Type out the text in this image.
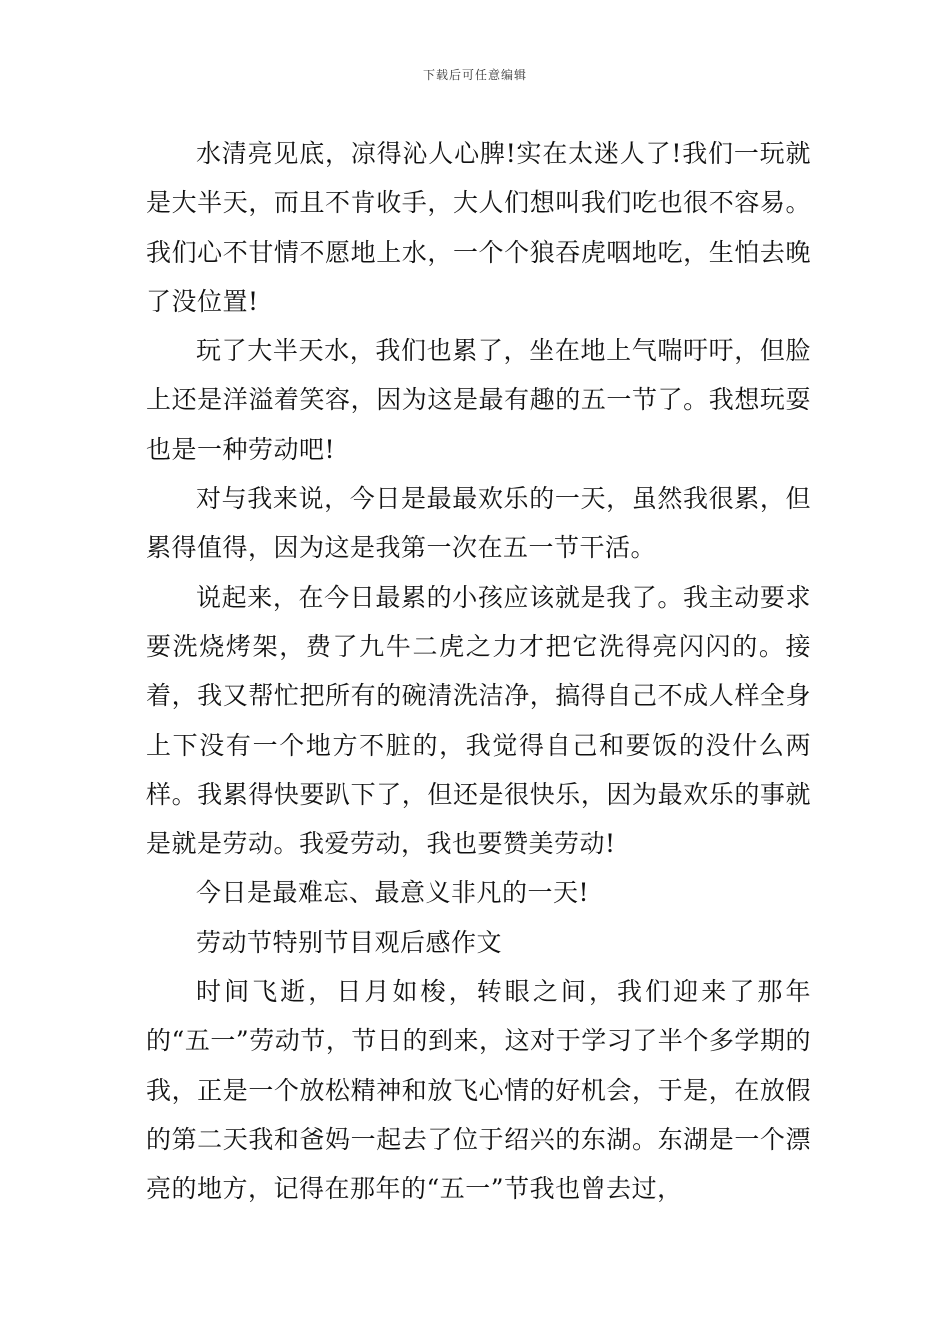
下载后可任意编辑

水清亮见底，凉得沁人心脾!实在太迷人了!我们一玩就是大半天，而且不肯收手，大人们想叫我们吃也很不容易。我们心不甘情不愿地上水，一个个狼吞虎咽地吃，生怕去晚了没位置!

玩了大半天水，我们也累了，坐在地上气喘吁吁，但脸上还是洋溢着笑容，因为这是最有趣的五一节了。我想玩耍也是一种劳动吧!

对与我来说，今日是最最欢乐的一天，虽然我很累，但累得值得，因为这是我第一次在五一节干活。

说起来，在今日最累的小孩应该就是我了。我主动要求要洗烧烤架，费了九牛二虎之力才把它洗得亮闪闪的。接着，我又帮忙把所有的碗清洗洁净，搞得自己不成人样全身上下没有一个地方不脏的，我觉得自己和要饭的没什么两样。我累得快要趴下了，但还是很快乐，因为最欢乐的事就是就是劳动。我爱劳动，我也要赞美劳动!

今日是最难忘、最意义非凡的一天!

劳动节特别节目观后感作文

时间飞逝，日月如梭，转眼之间，我们迎来了那年的“五一”劳动节，节日的到来，这对于学习了半个多学期的我，正是一个放松精神和放飞心情的好机会，于是，在放假的第二天我和爸妈一起去了位于绍兴的东湖。东湖是一个漂亮的地方，记得在那年的“五一”节我也曾去过，
